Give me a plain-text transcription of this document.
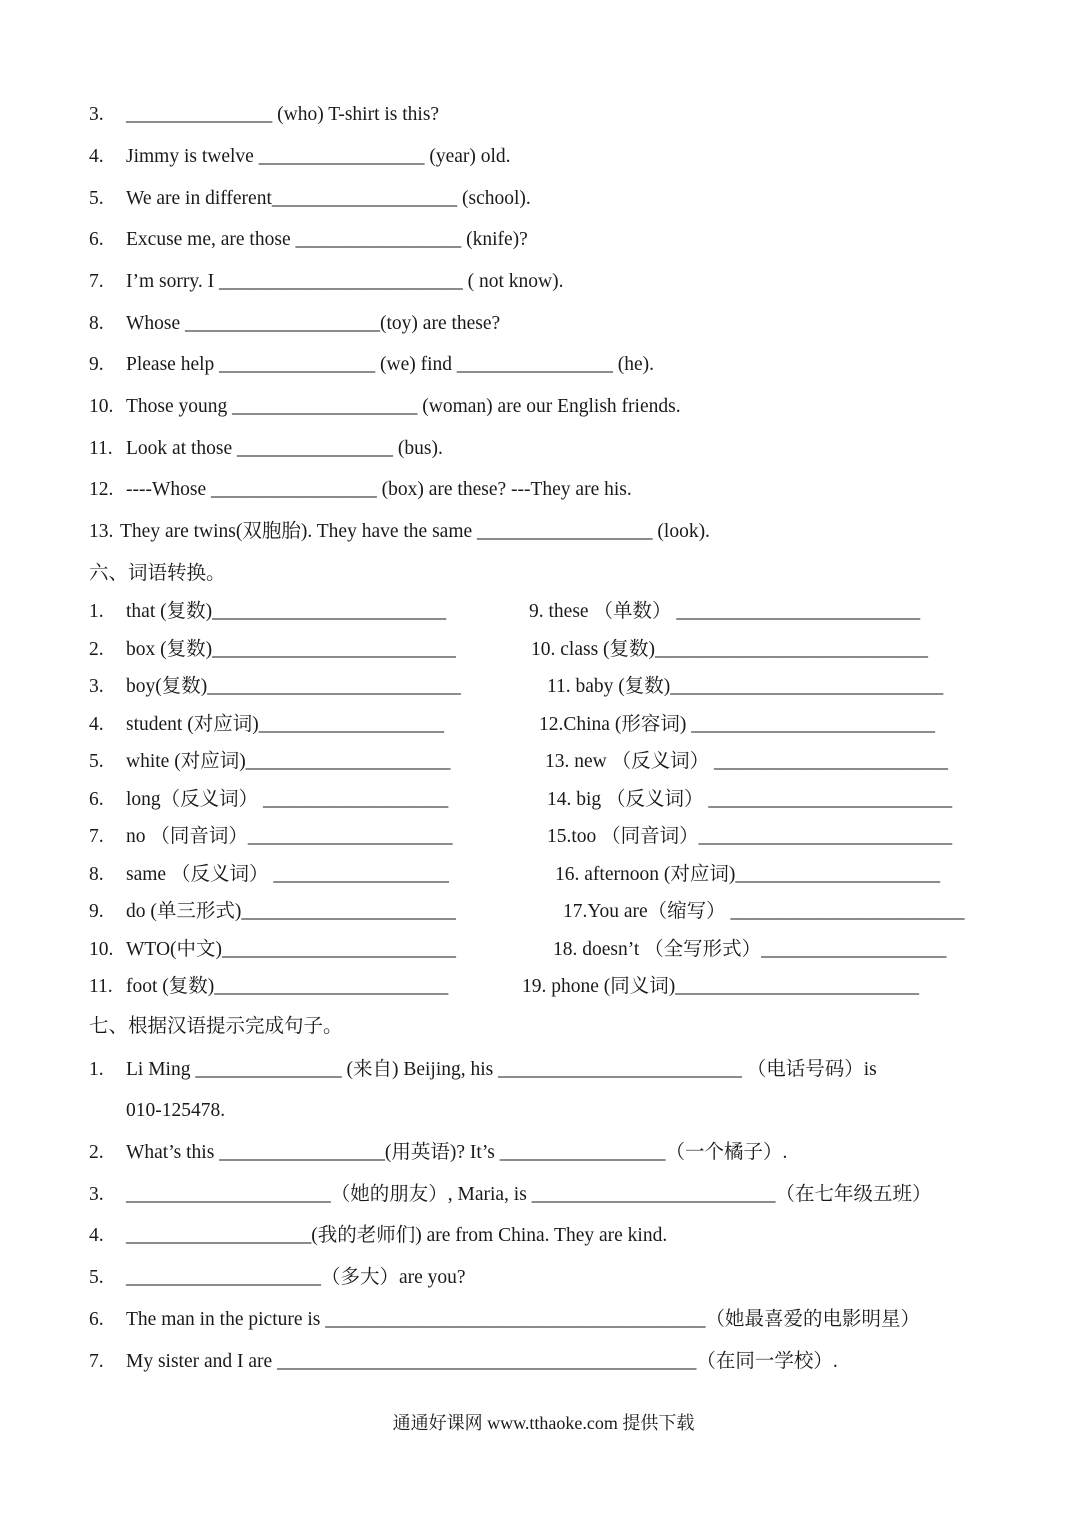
3. _______________ (who) T-shirt is this?
4. Jimmy is twelve _________________ (year) old.
5. We are in different___________________ (school).
6. Excuse me, are those _________________ (knife)?
7. I’m sorry. I _________________________ ( not know).
8. Whose ____________________(toy) are these?
9. Please help ________________ (we) find ________________ (he).
10. Those young ___________________ (woman) are our English friends.
11. Look at those ________________ (bus).
12. ----Whose _________________ (box) are these? ---They are his.
13. They are twins(双胞胎). They have the same __________________ (look).
六、词语转换。
1. that (复数)________________________	9. these （单数） _________________________
2. box (复数)_________________________	10. class (复数)____________________________
3. boy(复数)__________________________	11. baby (复数)____________________________
4. student (对应词)___________________	12.China (形容词) _________________________
5. white (对应词)_____________________	13. new （反义词） ________________________
6. long（反义词） ___________________	14. big （反义词） _________________________
7. no （同音词）_____________________	15.too （同音词）__________________________
8. same （反义词） __________________	16. afternoon (对应词)_____________________
9. do (单三形式)______________________	17.You are（缩写） ________________________
10. WTO(中文)________________________	18. doesn’t （全写形式）___________________
11. foot (复数)________________________	19. phone (同义词)_________________________
七、根据汉语提示完成句子。
1. Li Ming _______________ (来自) Beijing, his _________________________ （电话号码）is
010-125478.
2. What’s this _________________(用英语)? It’s _________________（一个橘子）.
3. _____________________（她的朋友）, Maria, is _________________________（在七年级五班）
4. ___________________(我的老师们) are from China. They are kind.
5. ____________________（多大）are you?
6. The man in the picture is _______________________________________（她最喜爱的电影明星）
7. My sister and I are ___________________________________________（在同一学校）.
通通好课网 www.tthaoke.com 提供下载
